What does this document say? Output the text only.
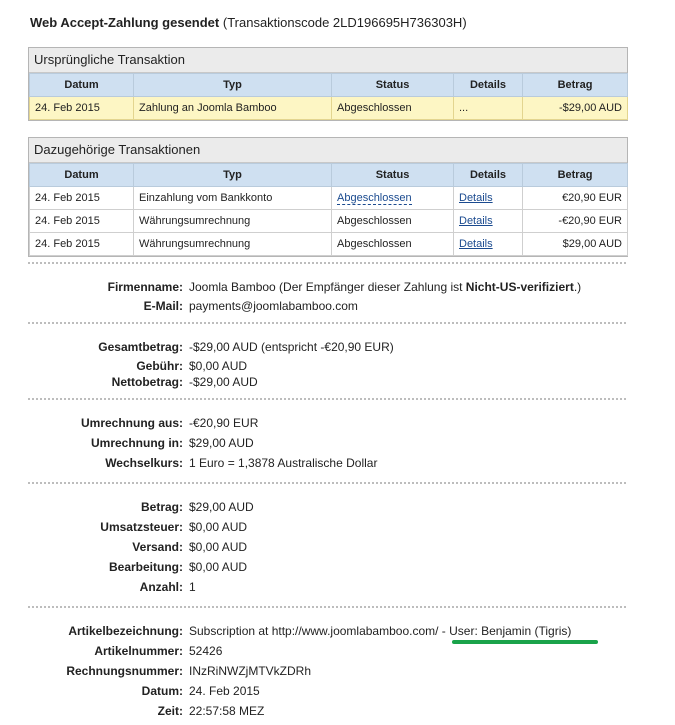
Web Accept-Zahlung gesendet (Transaktionscode 2LD196695H736303H)
Ursprüngliche Transaktion
Datum	Typ	Status	Details	Betrag
24. Feb 2015	Zahlung an Joomla Bamboo	Abgeschlossen	...	-$29,00 AUD
Dazugehörige Transaktionen
Datum	Typ	Status	Details	Betrag
24. Feb 2015	Einzahlung vom Bankkonto	Abgeschlossen	Details	€20,90 EUR
24. Feb 2015	Währungsumrechnung	Abgeschlossen	Details	-€20,90 EUR
24. Feb 2015	Währungsumrechnung	Abgeschlossen	Details	$29,00 AUD
Firmenname: Joomla Bamboo (Der Empfänger dieser Zahlung ist Nicht-US-verifiziert.)
E-Mail: payments@joomlabamboo.com
Gesamtbetrag: -$29,00 AUD (entspricht -€20,90 EUR)
Gebühr: $0,00 AUD
Nettobetrag: -$29,00 AUD
Umrechnung aus: -€20,90 EUR
Umrechnung in: $29,00 AUD
Wechselkurs: 1 Euro = 1,3878 Australische Dollar
Betrag: $29,00 AUD
Umsatzsteuer: $0,00 AUD
Versand: $0,00 AUD
Bearbeitung: $0,00 AUD
Anzahl: 1
Artikelbezeichnung: Subscription at http://www.joomlabamboo.com/ - User: Benjamin (Tigris)
Artikelnummer: 52426
Rechnungsnummer: INzRiNWZjMTVkZDRh
Datum: 24. Feb 2015
Zeit: 22:57:58 MEZ
